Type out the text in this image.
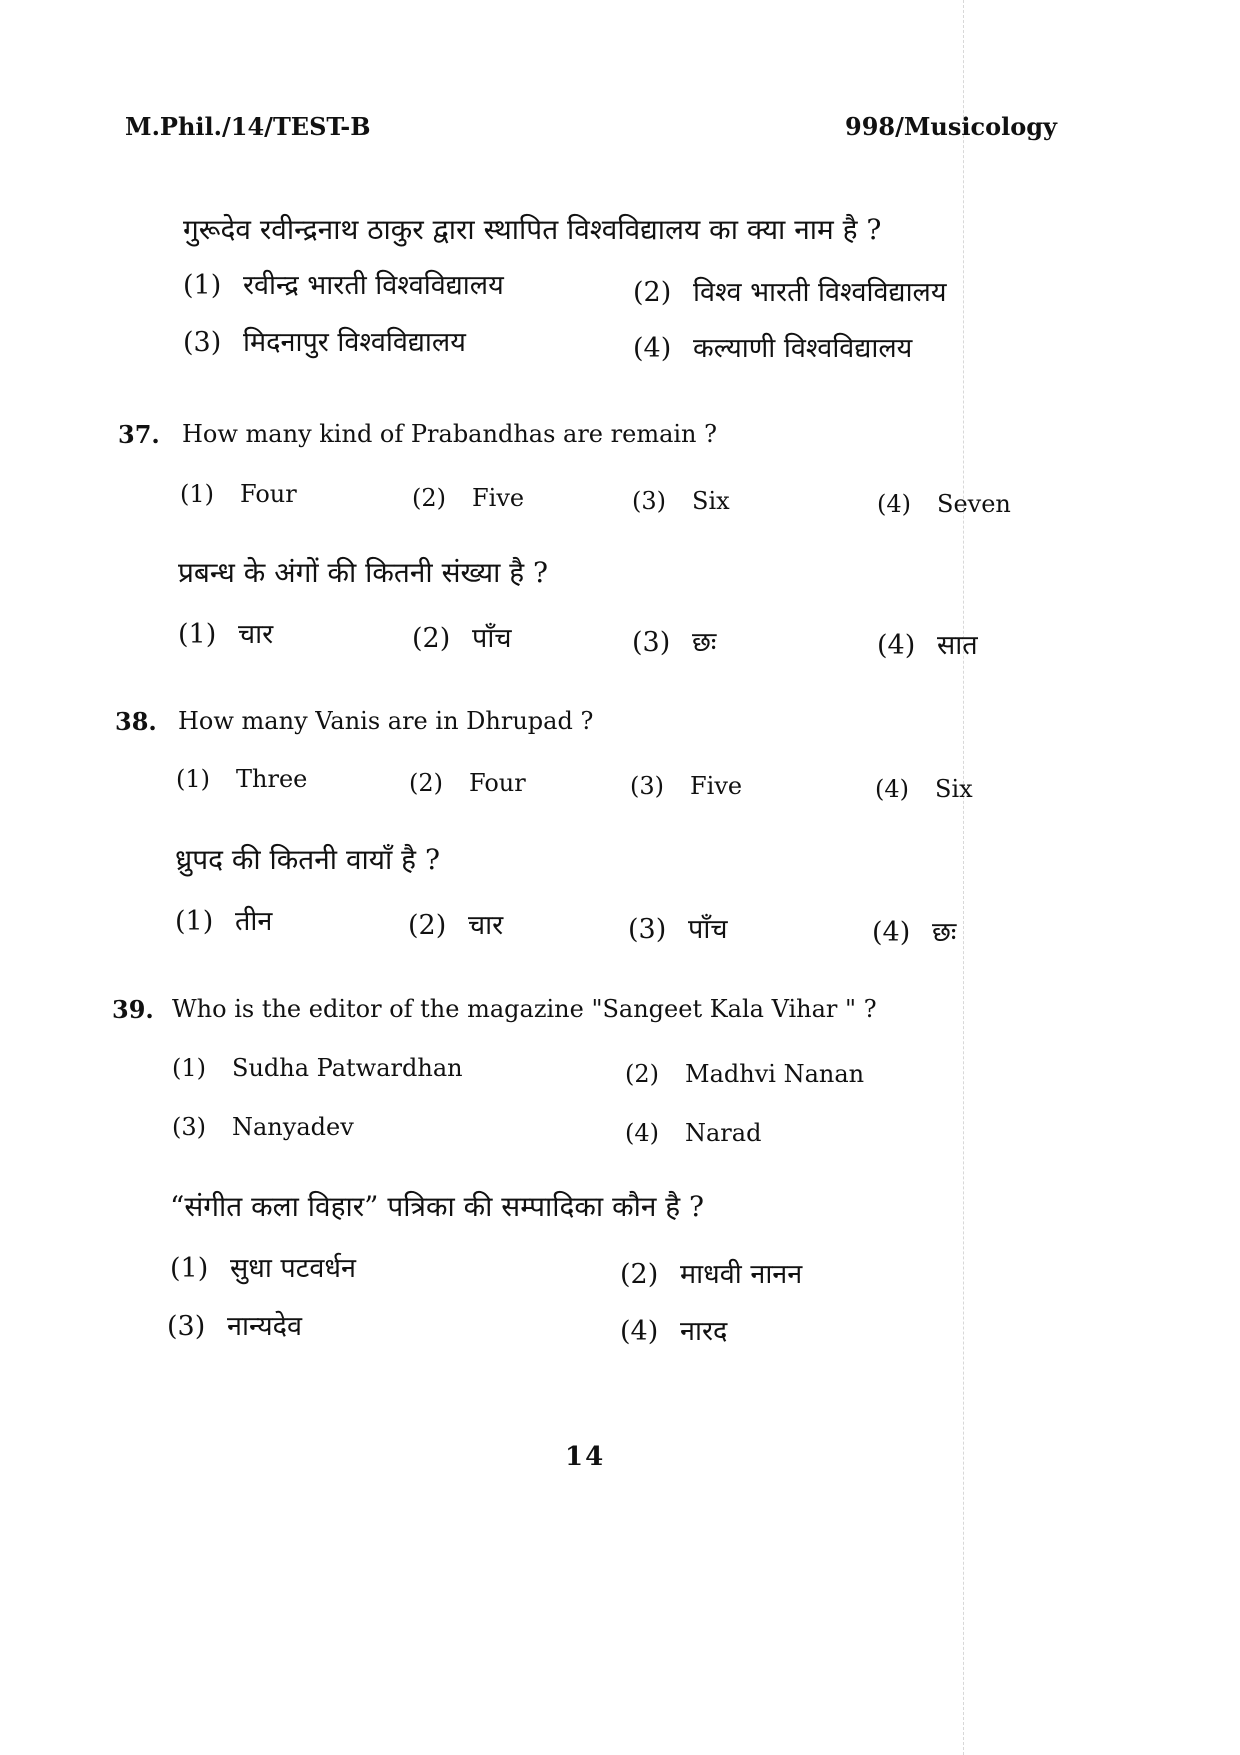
M.Phil./14/TEST-B	998/Musicology
गुरूदेव रवीन्द्रनाथ ठाकुर द्वारा स्थापित विश्वविद्यालय का क्या नाम है ?
(1) रवीन्द्र भारती विश्वविद्यालय	(2) विश्व भारती विश्वविद्यालय
(3) मिदनापुर विश्वविद्यालय	(4) कल्याणी विश्वविद्यालय
37. How many kind of Prabandhas are remain ?
(1) Four	(2) Five	(3) Six	(4) Seven
प्रबन्ध के अंगों की कितनी संख्या है ?
(1) चार	(2) पाँच	(3) छः	(4) सात
38. How many Vanis are in Dhrupad ?
(1) Three	(2) Four	(3) Five	(4) Six
ध्रुपद की कितनी वायाँ है ?
(1) तीन	(2) चार	(3) पाँच	(4) छः
39. Who is the editor of the magazine "Sangeet Kala Vihar " ?
(1) Sudha Patwardhan	(2) Madhvi Nanan
(3) Nanyadev	(4) Narad
“संगीत कला विहार” पत्रिका की सम्पादिका कौन है ?
(1) सुधा पटवर्धन	(2) माधवी नानन
(3) नान्यदेव	(4) नारद
14
